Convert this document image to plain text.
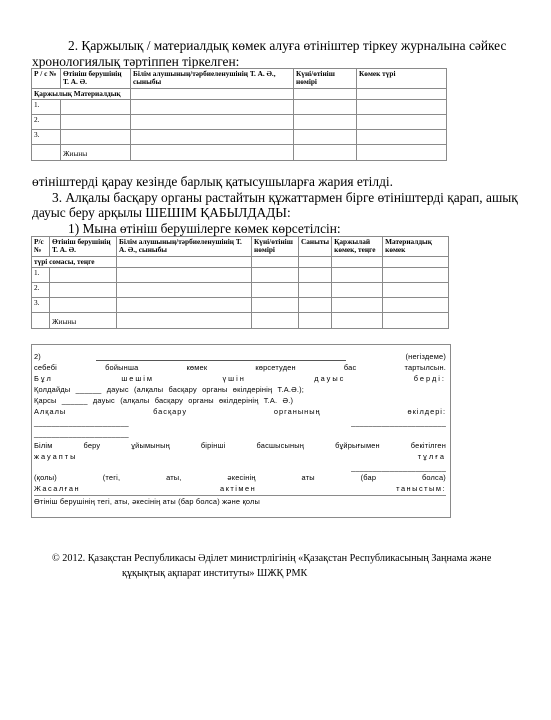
2. Қаржылық / материалдық көмек алуға өтініштер тіркеу журналына сәйкес
хронологиялық тәртіппен тіркелген:
Р / с №	Өтініш берушінің Т. А. Ә.	Білім алушының/тәрбиеленушінің Т. А. Ә., сыныбы	Күні/өтініш нөмірі	Көмек түрі
Қаржылық Материалдық				
1.				
2.				
3.				
	Жиыны			
өтініштерді қарау кезінде барлық қатысушыларға жария етілді.
3. Алқалы басқару органы растайтын құжаттармен бірге өтініштерді қарап, ашық
дауыс беру арқылы ШЕШІМ ҚАБЫЛДАДЫ:
1) Мына өтініш берушілерге көмек көрсетілсін:
Р/с №	Өтініш берушінің Т. А. Ә.	Білім алушының/тәрбиеленушінің Т. А. Ә., сыныбы	Күні/өтініш нөмірі	Саныты	Қаржылай көмек, теңге	Материалдық көмек
түрі сомасы, теңге						
1.						
2.						
3.						
	Жиыны					
2)	(негіздеме)
себебі	бойынша	көмек	көрсетуден	бас	тартылсын.
Бұл	шешім	үшін	дауыс	берді:
Қолдайды ______ дауыс (алқалы басқару органы өкілдерінің Т.А.Ә.);
Қарсы ______ дауыс (алқалы басқару органы өкілдерінің Т.А. Ә.)
Алқалы	басқару	органының	өкілдері:
______________________	______________________
______________________
Білім	беру	ұйымының	бірінші	басшысының	бұйрығымен	бекітілген
жауапты	тұлға
______________________
(қолы)	(тегі,	аты,	әкесінің	аты	(бар	болса)
Жасалған	актімен	таныстым:
Өтініш берушінің тегі, аты, әкесінің аты (бар болса) және қолы
© 2012. Қазақстан Республикасы Әділет министрлігінің «Қазақстан Республикасының Заңнама және
құқықтық ақпарат институты» ШЖҚ РМК
